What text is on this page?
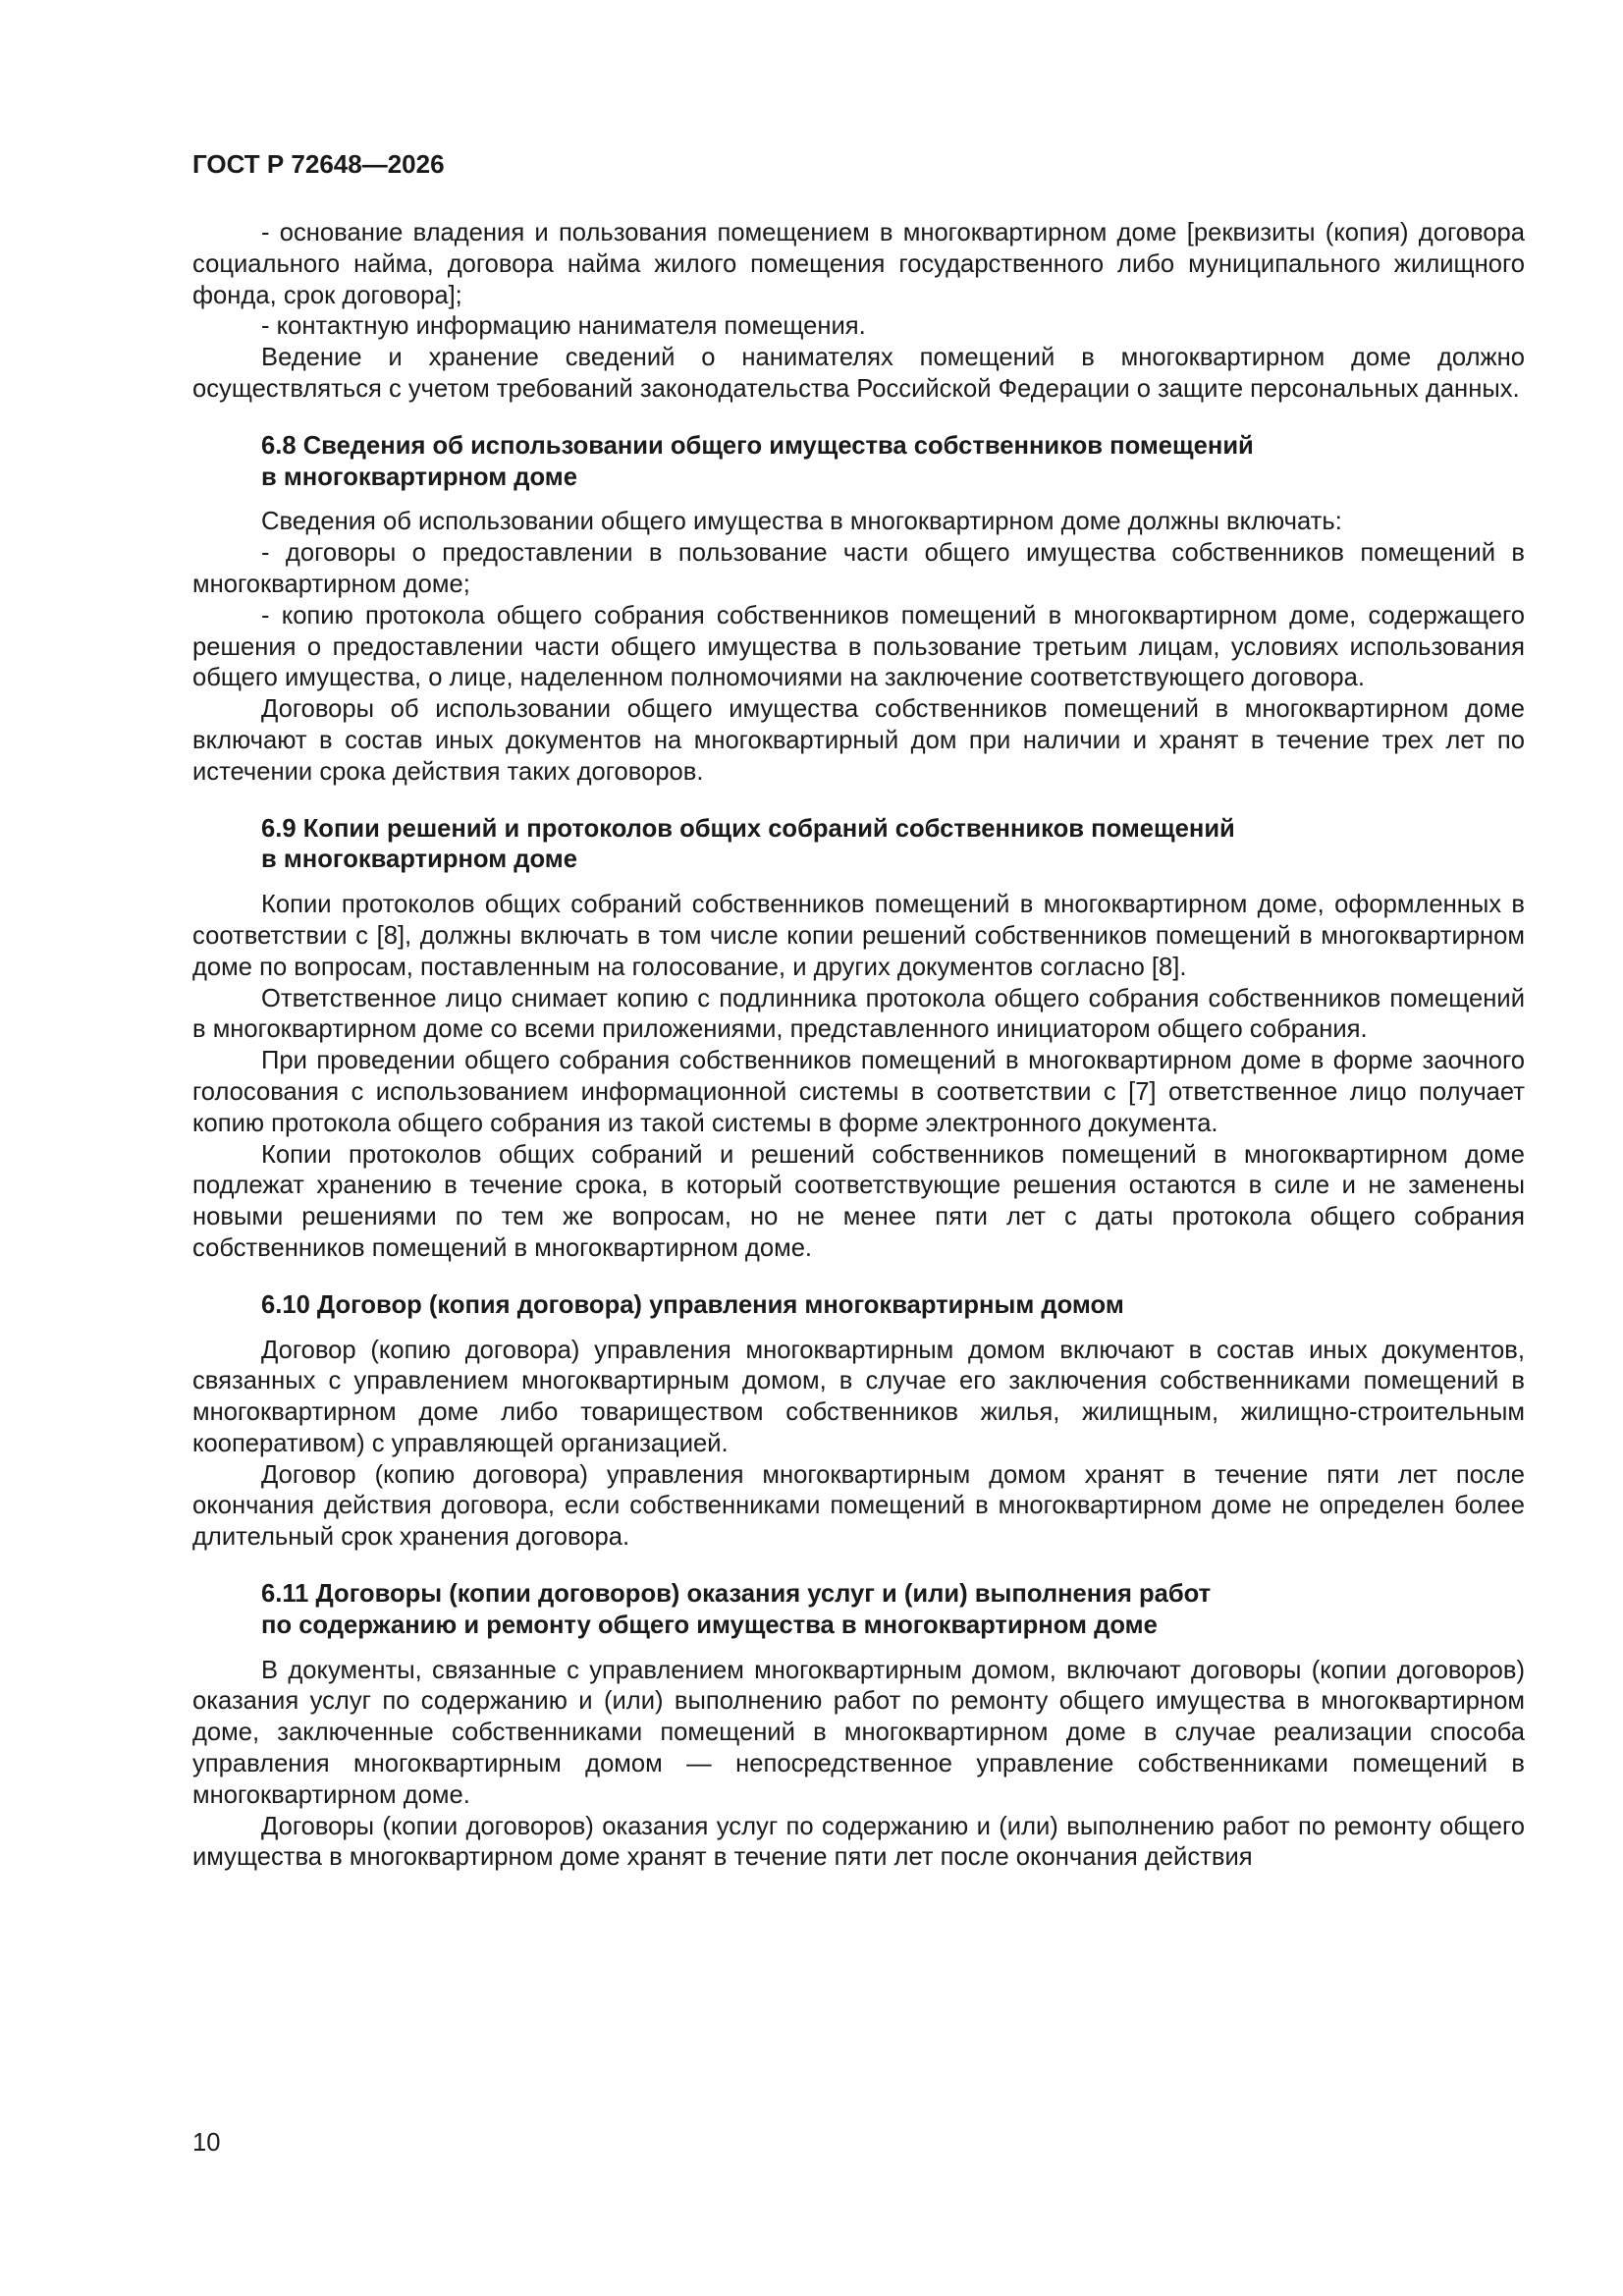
ГОСТ Р 72648—2026

- основание владения и пользования помещением в многоквартирном доме [реквизиты (копия) договора социального найма, договора найма жилого помещения государственного либо муниципального жилищного фонда, срок договора];

- контактную информацию нанимателя помещения.

Ведение и хранение сведений о нанимателях помещений в многоквартирном доме должно осуществляться с учетом требований законодательства Российской Федерации о защите персональных данных.

6.8 Сведения об использовании общего имущества собственников помещений
в многоквартирном доме

Сведения об использовании общего имущества в многоквартирном доме должны включать:

- договоры о предоставлении в пользование части общего имущества собственников помещений в многоквартирном доме;

- копию протокола общего собрания собственников помещений в многоквартирном доме, содержащего решения о предоставлении части общего имущества в пользование третьим лицам, условиях использования общего имущества, о лице, наделенном полномочиями на заключение соответствующего договора.

Договоры об использовании общего имущества собственников помещений в многоквартирном доме включают в состав иных документов на многоквартирный дом при наличии и хранят в течение трех лет по истечении срока действия таких договоров.

6.9 Копии решений и протоколов общих собраний собственников помещений
в многоквартирном доме

Копии протоколов общих собраний собственников помещений в многоквартирном доме, оформленных в соответствии с [8], должны включать в том числе копии решений собственников помещений в многоквартирном доме по вопросам, поставленным на голосование, и других документов согласно [8].

Ответственное лицо снимает копию с подлинника протокола общего собрания собственников помещений в многоквартирном доме со всеми приложениями, представленного инициатором общего собрания.

При проведении общего собрания собственников помещений в многоквартирном доме в форме заочного голосования с использованием информационной системы в соответствии с [7] ответственное лицо получает копию протокола общего собрания из такой системы в форме электронного документа.

Копии протоколов общих собраний и решений собственников помещений в многоквартирном доме подлежат хранению в течение срока, в который соответствующие решения остаются в силе и не заменены новыми решениями по тем же вопросам, но не менее пяти лет с даты протокола общего собрания собственников помещений в многоквартирном доме.

6.10 Договор (копия договора) управления многоквартирным домом

Договор (копию договора) управления многоквартирным домом включают в состав иных документов, связанных с управлением многоквартирным домом, в случае его заключения собственниками помещений в многоквартирном доме либо товариществом собственников жилья, жилищным, жилищно-строительным кооперативом) с управляющей организацией.

Договор (копию договора) управления многоквартирным домом хранят в течение пяти лет после окончания действия договора, если собственниками помещений в многоквартирном доме не определен более длительный срок хранения договора.

6.11 Договоры (копии договоров) оказания услуг и (или) выполнения работ
по содержанию и ремонту общего имущества в многоквартирном доме

В документы, связанные с управлением многоквартирным домом, включают договоры (копии договоров) оказания услуг по содержанию и (или) выполнению работ по ремонту общего имущества в многоквартирном доме, заключенные собственниками помещений в многоквартирном доме в случае реализации способа управления многоквартирным домом — непосредственное управление собственниками помещений в многоквартирном доме.

Договоры (копии договоров) оказания услуг по содержанию и (или) выполнению работ по ремонту общего имущества в многоквартирном доме хранят в течение пяти лет после окончания действия

10
